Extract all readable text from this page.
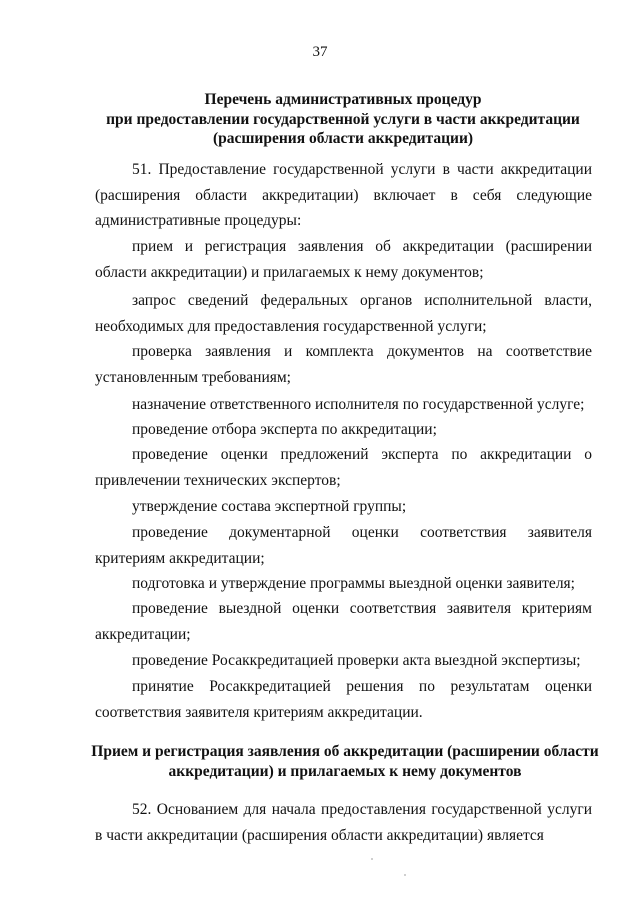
37
Перечень административных процедур
при предоставлении государственной услуги в части аккредитации
(расширения области аккредитации)
51. Предоставление государственной услуги в части аккредитации (расширения области аккредитации) включает в себя следующие административные процедуры:
прием и регистрация заявления об аккредитации (расширении области аккредитации) и прилагаемых к нему документов;
запрос сведений федеральных органов исполнительной власти, необходимых для предоставления государственной услуги;
проверка заявления и комплекта документов на соответствие установленным требованиям;
назначение ответственного исполнителя по государственной услуге;
проведение отбора эксперта по аккредитации;
проведение оценки предложений эксперта по аккредитации о привлечении технических экспертов;
утверждение состава экспертной группы;
проведение документарной оценки соответствия заявителя критериям аккредитации;
подготовка и утверждение программы выездной оценки заявителя;
проведение выездной оценки соответствия заявителя критериям аккредитации;
проведение Росаккредитацией проверки акта выездной экспертизы;
принятие Росаккредитацией решения по результатам оценки соответствия заявителя критериям аккредитации.
Прием и регистрация заявления об аккредитации (расширении области
аккредитации) и прилагаемых к нему документов
52. Основанием для начала предоставления государственной услуги в части аккредитации (расширения области аккредитации) является
